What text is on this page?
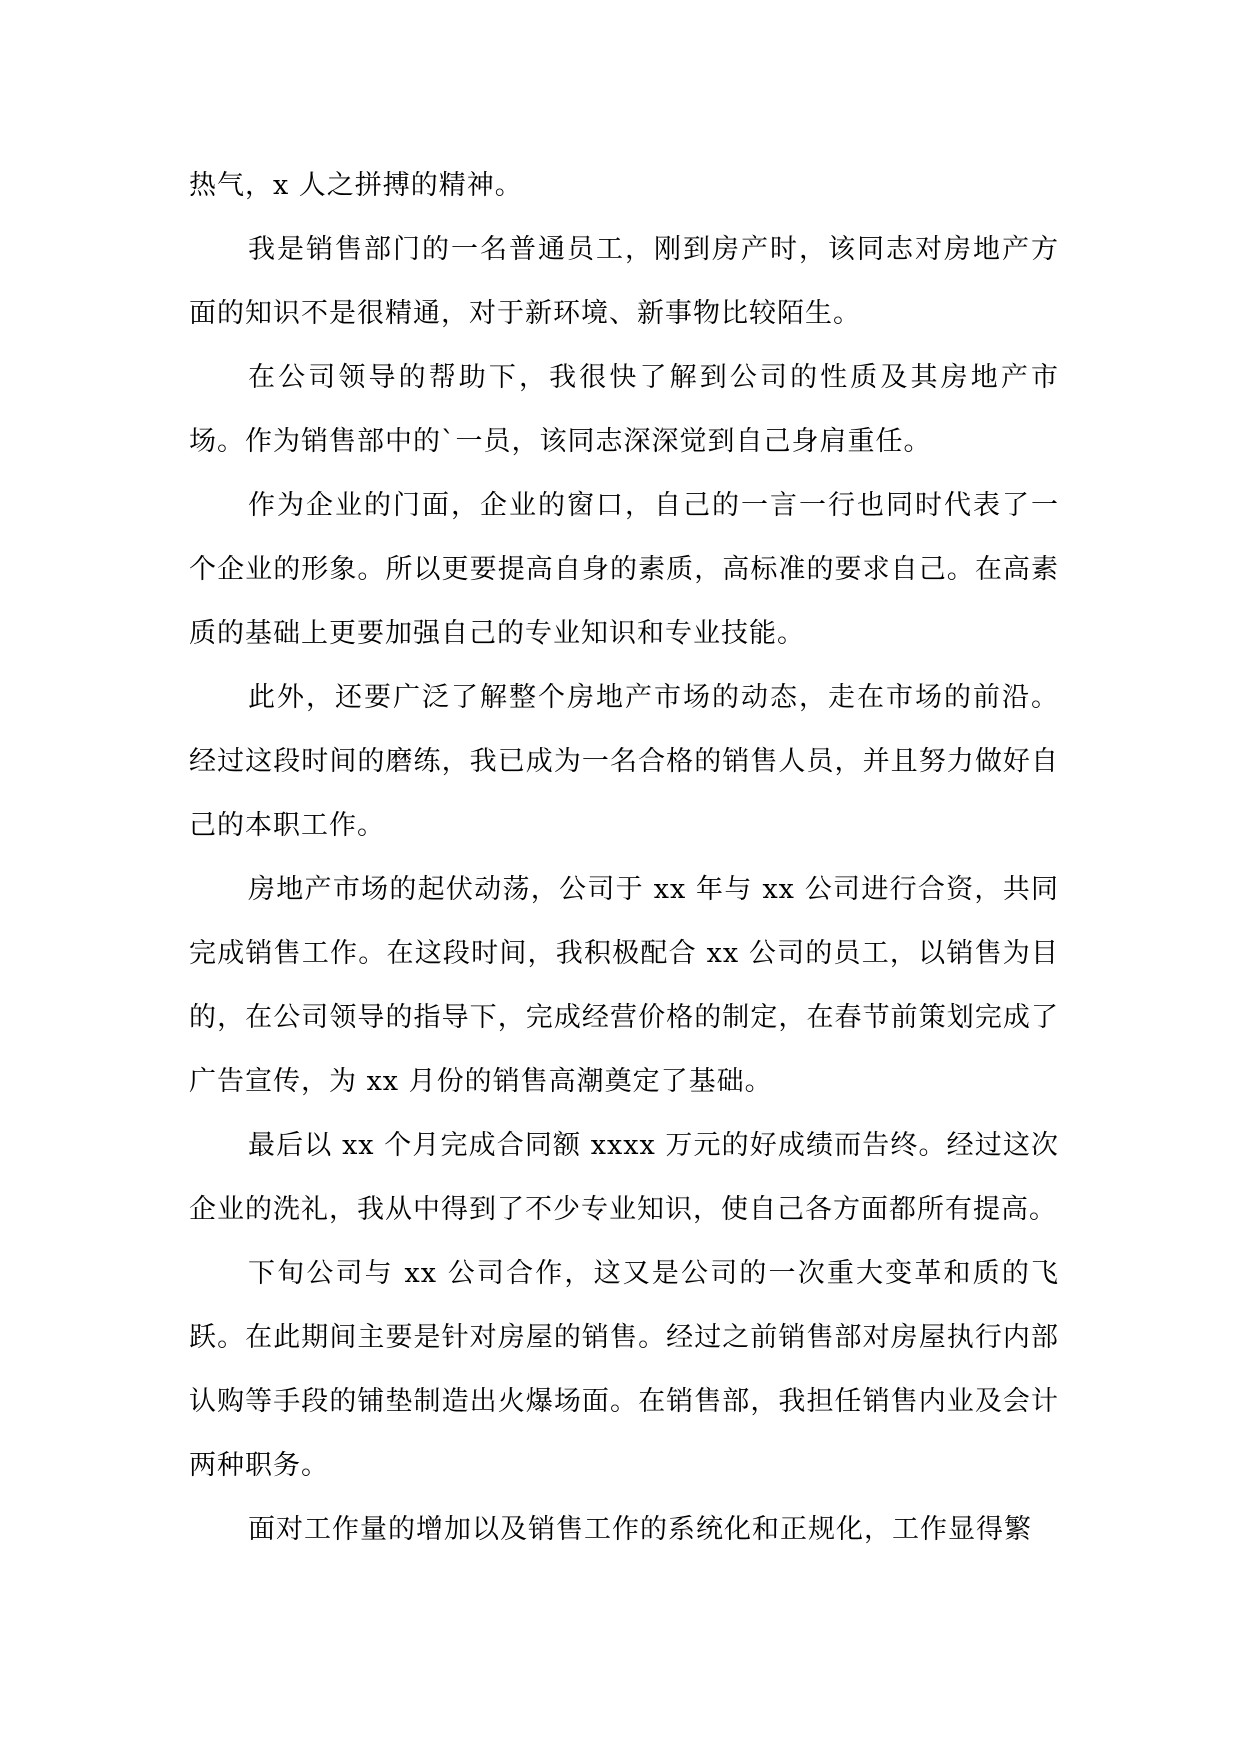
热气，x 人之拼搏的精神。

我是销售部门的一名普通员工，刚到房产时，该同志对房地产方面的知识不是很精通，对于新环境、新事物比较陌生。

在公司领导的帮助下，我很快了解到公司的性质及其房地产市场。作为销售部中的`一员，该同志深深觉到自己身肩重任。

作为企业的门面，企业的窗口，自己的一言一行也同时代表了一个企业的形象。所以更要提高自身的素质，高标准的要求自己。在高素质的基础上更要加强自己的专业知识和专业技能。

此外，还要广泛了解整个房地产市场的动态，走在市场的前沿。经过这段时间的磨练，我已成为一名合格的销售人员，并且努力做好自己的本职工作。

房地产市场的起伏动荡，公司于 xx 年与 xx 公司进行合资，共同完成销售工作。在这段时间，我积极配合 xx 公司的员工，以销售为目的，在公司领导的指导下，完成经营价格的制定，在春节前策划完成了广告宣传，为 xx 月份的销售高潮奠定了基础。

最后以 xx 个月完成合同额 xxxx 万元的好成绩而告终。经过这次企业的洗礼，我从中得到了不少专业知识，使自己各方面都所有提高。

下旬公司与 xx 公司合作，这又是公司的一次重大变革和质的飞跃。在此期间主要是针对房屋的销售。经过之前销售部对房屋执行内部认购等手段的铺垫制造出火爆场面。在销售部，我担任销售内业及会计两种职务。

面对工作量的增加以及销售工作的系统化和正规化，工作显得繁
